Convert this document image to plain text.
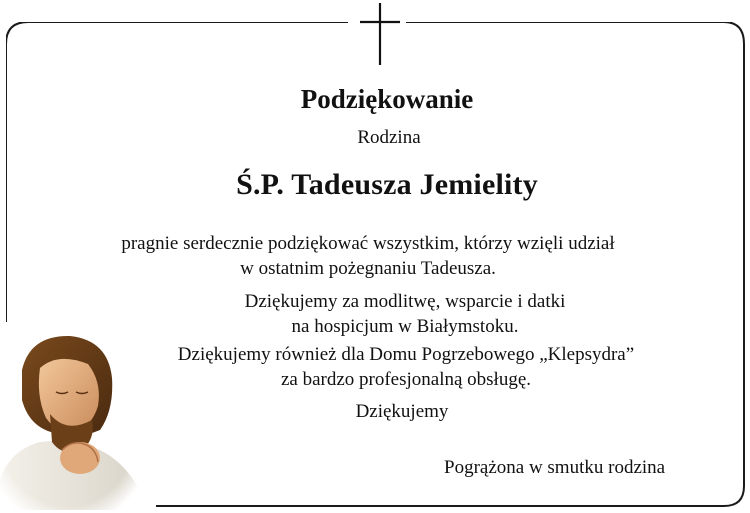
Podziękowanie
Rodzina
Ś.P. Tadeusza Jemielity
pragnie serdecznie podziękować wszystkim, którzy wzięli udział
w ostatnim pożegnaniu Tadeusza.
Dziękujemy za modlitwę, wsparcie i datki
na hospicjum w Białymstoku.
Dziękujemy również dla Domu Pogrzebowego „Klepsydra”
za bardzo profesjonalną obsługę.
Dziękujemy
Pogrążona w smutku rodzina
